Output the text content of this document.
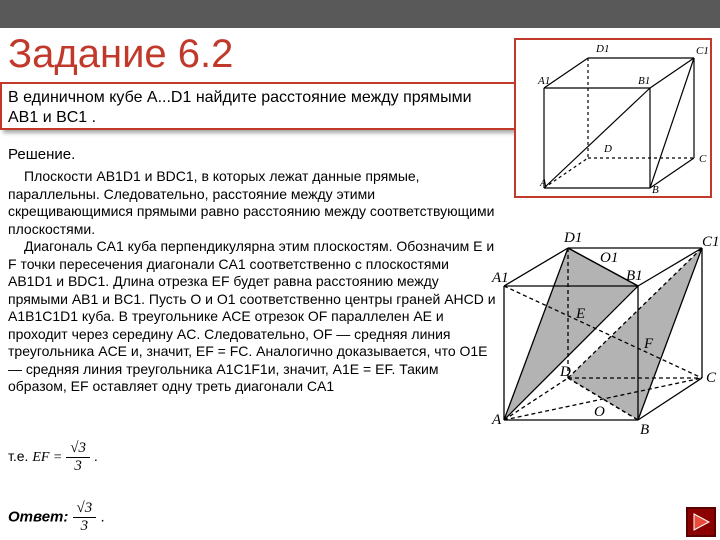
Задание 6.2
В единичном кубе A...D1 найдите расстояние между прямыми
AB1 и BC1 .
D1	C1
A1	B1
D
C
A
B
Решение.

Плоскости AB1D1 и BDC1, в которых лежат данные прямые, параллельны. Следовательно, расстояние между этими скрещивающимися прямыми равно расстоянию между соответствующими плоскостями.

Диагональ CA1 куба перпендикулярна этим плоскостям. Обозначим E и F точки пересечения диагонали CA1 соответственно с плоскостями AB1D1 и BDC1. Длина отрезка EF будет равна расстоянию между прямыми AB1 и BC1. Пусть O и O1 соответственно центры граней AНCD и A1B1C1D1 куба. В треугольнике ACE отрезок OF параллелен AE и проходит через середину AC. Следовательно, OF — средняя линия треугольника ACE и, значит, EF = FC. Аналогично доказывается, что O1E — средняя линия треугольника A1C1F1и, значит, A1E = EF. Таким образом, EF оставляет одну треть диагонали CA1

D1	C1
A1	B1
O1
E
F
D	C
A
B
O
т.е. EF = $\frac{√3}{3}$ .
Ответ: $\frac{√3}{3}$ .
